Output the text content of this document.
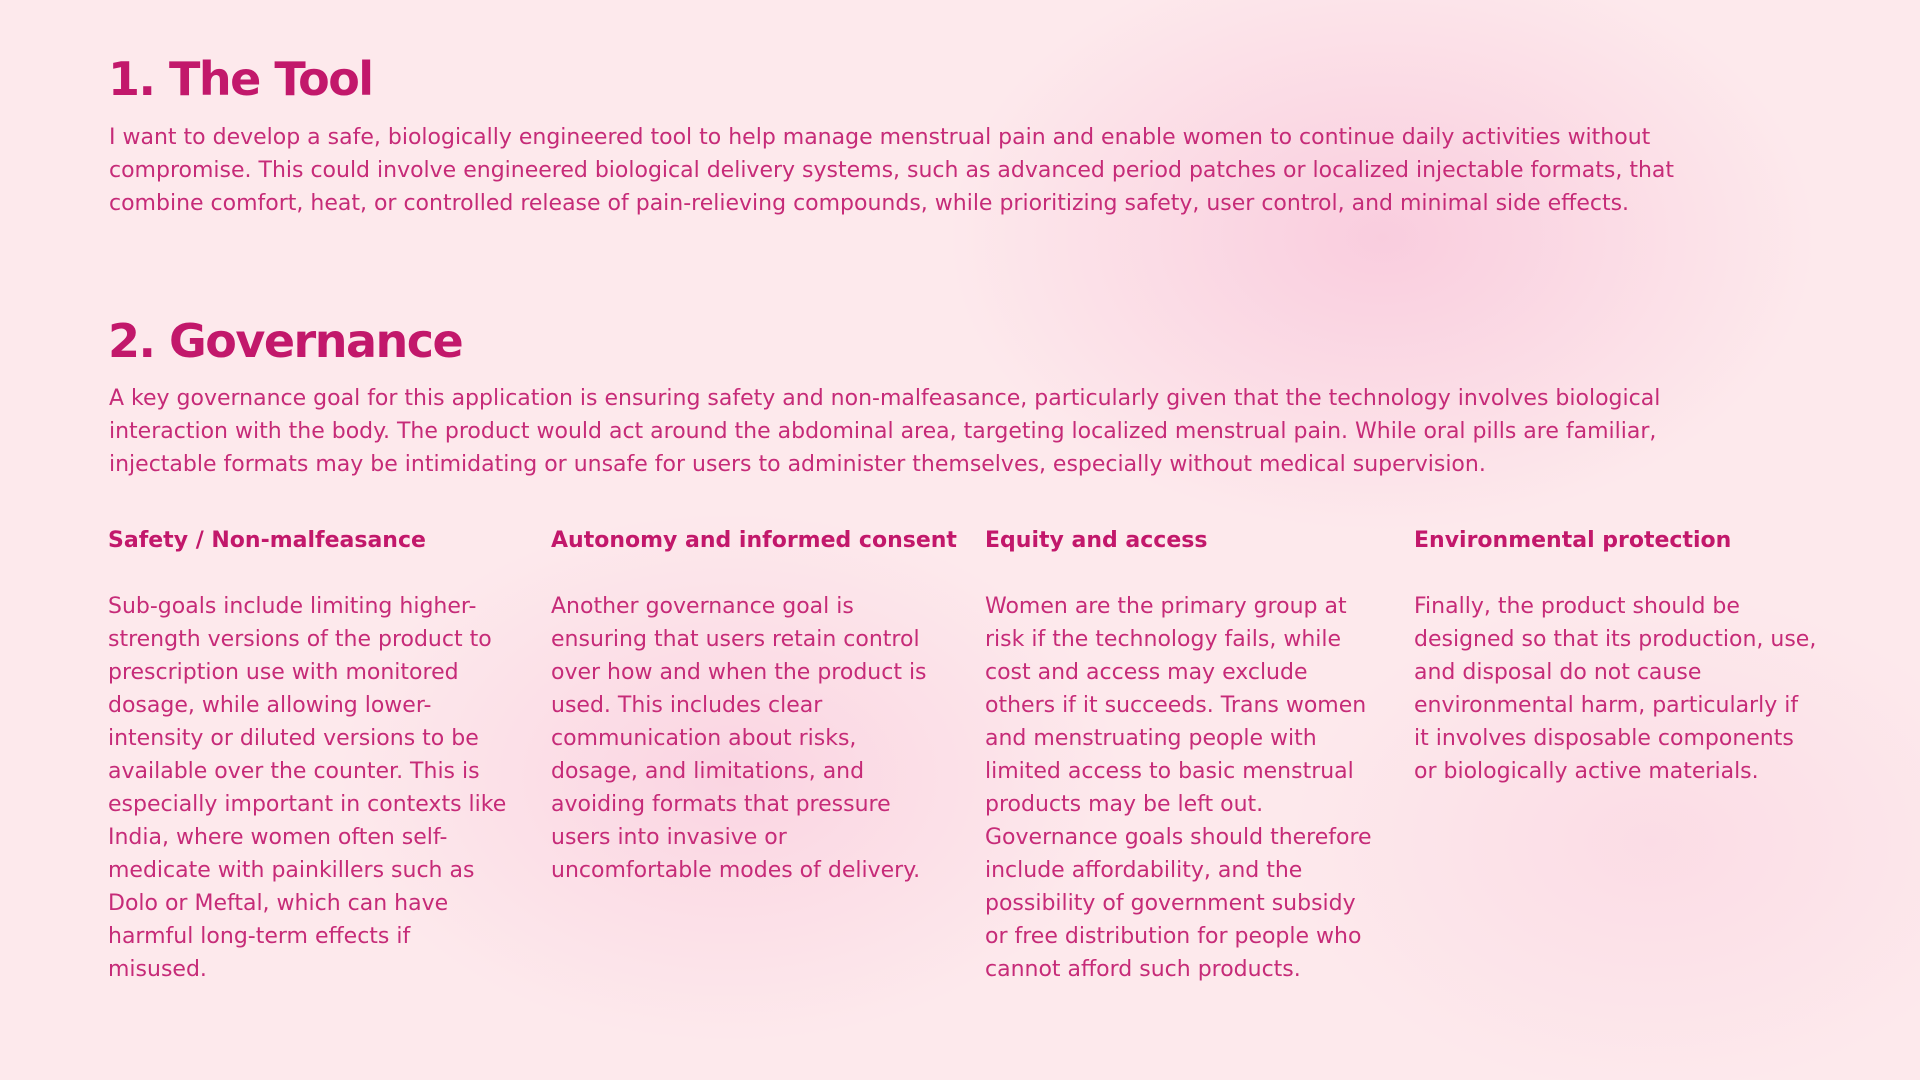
1. The Tool

I want to develop a safe, biologically engineered tool to help manage menstrual pain and enable women to continue daily activities without compromise. This could involve engineered biological delivery systems, such as advanced period patches or localized injectable formats, that combine comfort, heat, or controlled release of pain-relieving compounds, while prioritizing safety, user control, and minimal side effects.

2. Governance

A key governance goal for this application is ensuring safety and non-malfeasance, particularly given that the technology involves biological interaction with the body. The product would act around the abdominal area, targeting localized menstrual pain. While oral pills are familiar, injectable formats may be intimidating or unsafe for users to administer themselves, especially without medical supervision.

Safety / Non-malfeasance

Sub-goals include limiting higher-strength versions of the product to prescription use with monitored dosage, while allowing lower-intensity or diluted versions to be available over the counter. This is especially important in contexts like India, where women often self-medicate with painkillers such as Dolo or Meftal, which can have harmful long-term effects if misused.

Autonomy and informed consent

Another governance goal is ensuring that users retain control over how and when the product is used. This includes clear communication about risks, dosage, and limitations, and avoiding formats that pressure users into invasive or uncomfortable modes of delivery.

Equity and access

Women are the primary group at risk if the technology fails, while cost and access may exclude others if it succeeds. Trans women and menstruating people with limited access to basic menstrual products may be left out. Governance goals should therefore include affordability, and the possibility of government subsidy or free distribution for people who cannot afford such products.

Environmental protection

Finally, the product should be designed so that its production, use, and disposal do not cause environmental harm, particularly if it involves disposable components or biologically active materials.
